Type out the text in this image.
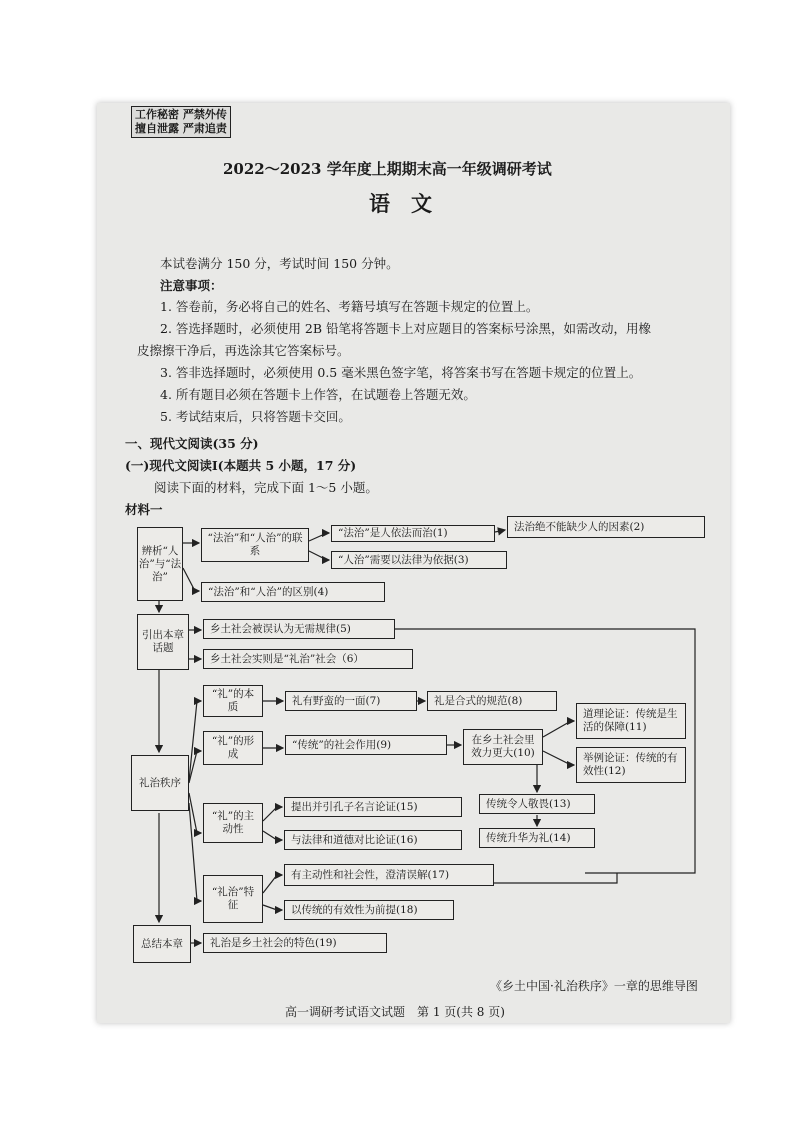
工作秘密 严禁外传
擅自泄露 严肃追责
2022～2023 学年度上期期末高一年级调研考试
语　文
本试卷满分 150 分，考试时间 150 分钟。
注意事项：
1. 答卷前，务必将自己的姓名、考籍号填写在答题卡规定的位置上。
2. 答选择题时，必须使用 2B 铅笔将答题卡上对应题目的答案标号涂黑，如需改动，用橡
皮擦擦干净后，再选涂其它答案标号。
3. 答非选择题时，必须使用 0.5 毫米黑色签字笔，将答案书写在答题卡规定的位置上。
4. 所有题目必须在答题卡上作答，在试题卷上答题无效。
5. 考试结束后，只将答题卡交回。
一、现代文阅读(35 分)
(一)现代文阅读Ⅰ(本题共 5 小题，17 分)
阅读下面的材料，完成下面 1～5 小题。
材料一
辨析“人治”与“法治”
“法治”和“人治”的联系
“法治”是人依法而治(1)
法治绝不能缺少人的因素(2)
“人治”需要以法律为依据(3)
“法治”和“人治”的区别(4)
引出本章话题
乡土社会被误认为无需规律(5)
乡土社会实则是“礼治”社会（6）
礼治秩序
“礼”的本质
礼有野蛮的一面(7)	礼是合式的规范(8)
“礼”的形成
“传统”的社会作用(9)	在乡土社会里效力更大(10)
道理论证：传统是生活的保障(11)
举例论证：传统的有效性(12)
“礼”的主动性
提出并引孔子名言论证(15)
与法律和道德对比论证(16)
传统令人敬畏(13)
传统升华为礼(14)
“礼治”特征
有主动性和社会性，澄清误解(17)
以传统的有效性为前提(18)
总结本章	礼治是乡土社会的特色(19)
《乡土中国·礼治秩序》一章的思维导图
高一调研考试语文试题　第 1 页(共 8 页)
